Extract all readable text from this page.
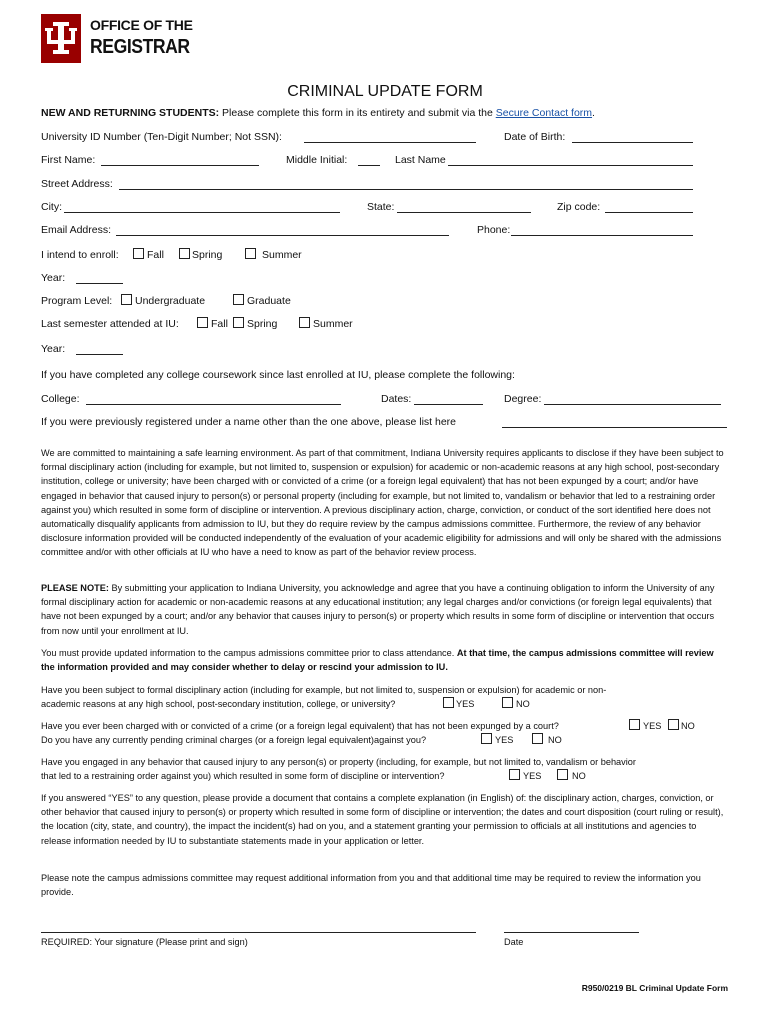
OFFICE OF THE
REGISTRAR
CRIMINAL UPDATE FORM
NEW AND RETURNING STUDENTS: Please complete this form in its entirety and submit via the Secure Contact form.
University ID Number (Ten-Digit Number; Not SSN):	Date of Birth:
First Name:	Middle Initial:	Last Name
Street Address:
City:	State:	Zip code:
Email Address:	Phone:
I intend to enroll:	Fall	Spring	Summer
Year:
Program Level: Undergraduate	Graduate
Last semester attended at IU:	Fall Spring	Summer
Year:
If you have completed any college coursework since last enrolled at IU, please complete the following:
College:	Dates:	Degree:
If you were previously registered under a name other than the one above, please list here
We are committed to maintaining a safe learning environment. As part of that commitment, Indiana University requires applicants to disclose if they have been subject to formal disciplinary action (including for example, but not limited to, suspension or expulsion) for academic or non-academic reasons at any high school, post-secondary institution, college or university; have been charged with or convicted of a crime (or a foreign legal equivalent) that has not been expunged by a court; and/or have engaged in behavior that caused injury to person(s) or personal property (including for example, but not limited to, vandalism or behavior that led to a restraining order against you) which resulted in some form of discipline or intervention. A previous disciplinary action, charge, conviction, or conduct of the sort identified here does not automatically disqualify applicants from admission to IU, but they do require review by the campus admissions committee. Furthermore, the review of any behavior disclosure information provided will be conducted independently of the evaluation of your academic eligibility for admissions and will only be shared with the admissions committee and/or with other officials at IU who have a need to know as part of the behavior review process.
PLEASE NOTE: By submitting your application to Indiana University, you acknowledge and agree that you have a continuing obligation to inform the University of any formal disciplinary action for academic or non-academic reasons at any educational institution; any legal charges and/or convictions (or foreign legal equivalents) that have not been expunged by a court; and/or any behavior that causes injury to person(s) or property which results in some form of discipline or intervention that occurs from now until your enrollment at IU.
You must provide updated information to the campus admissions committee prior to class attendance. At that time, the campus admissions committee will review the information provided and may consider whether to delay or rescind your admission to IU.
Have you been subject to formal disciplinary action (including for example, but not limited to, suspension or expulsion) for academic or non-
academic reasons at any high school, post-secondary institution, college, or university?	YES	NO
Have you ever been charged with or convicted of a crime (or a foreign legal equivalent) that has not been expunged by a court?	YES NO
Do you have any currently pending criminal charges (or a foreign legal equivalent)against you?	YES	NO
Have you engaged in any behavior that caused injury to any person(s) or property (including, for example, but not limited to, vandalism or behavior
that led to a restraining order against you) which resulted in some form of discipline or intervention?	YES	NO
If you answered “YES” to any question, please provide a document that contains a complete explanation (in English) of: the disciplinary action, charges, conviction, or other behavior that caused injury to person(s) or property which resulted in some form of discipline or intervention; the dates and court disposition (court ruling or result), the location (city, state, and country), the impact the incident(s) had on you, and a statement granting your permission to officials at all institutions and agencies to release information needed by IU to substantiate statements made in your application or letter.
Please note the campus admissions committee may request additional information from you and that additional time may be required to review the information you provide.
REQUIRED: Your signature (Please print and sign)	Date
R950/0219 BL Criminal Update Form
